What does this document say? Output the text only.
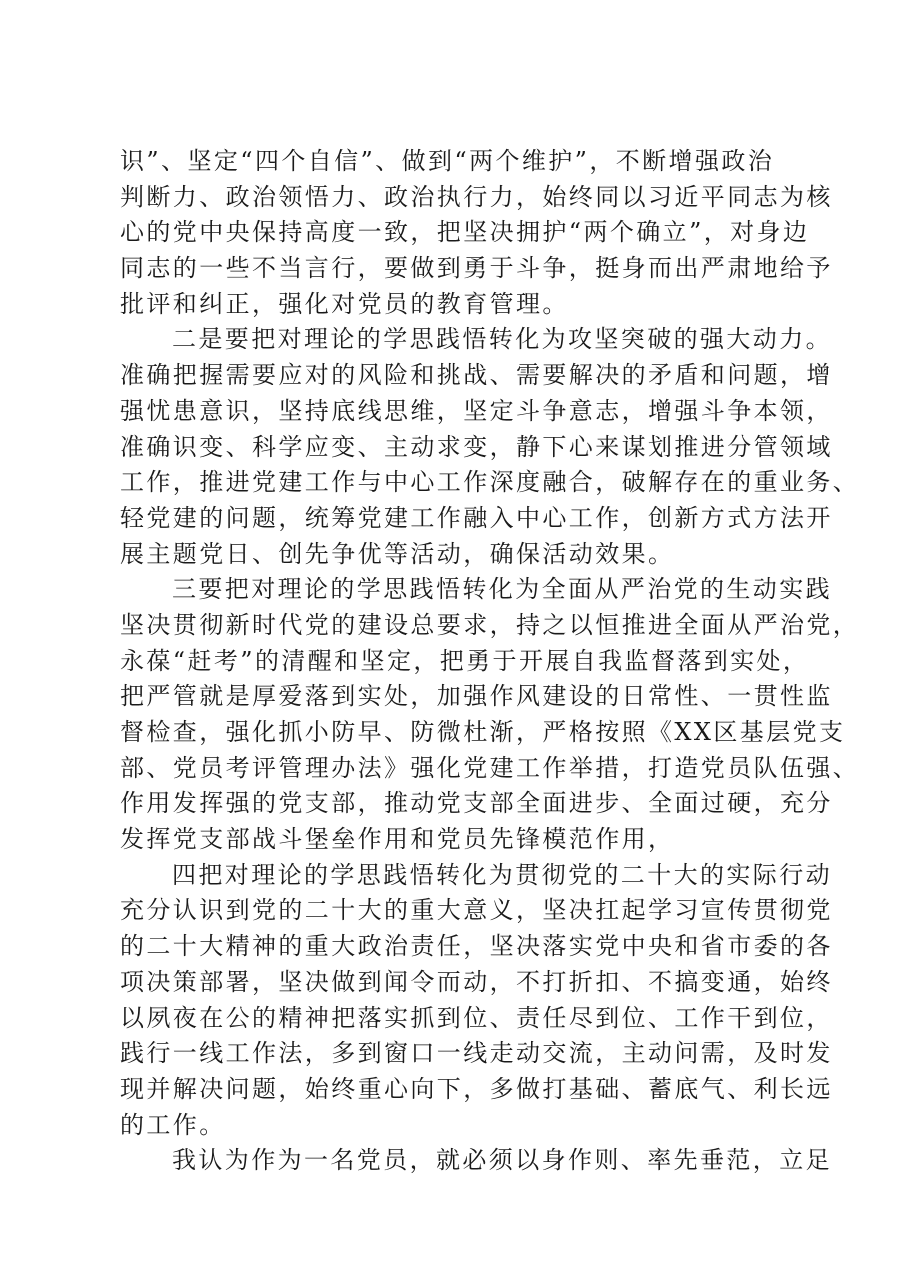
识”、坚定“四个自信”、做到“两个维护”，不断增强政治
判断力、政治领悟力、政治执行力，始终同以习近平同志为核
心的党中央保持高度一致，把坚决拥护“两个确立”，对身边
同志的一些不当言行，要做到勇于斗争，挺身而出严肃地给予
批评和纠正，强化对党员的教育管理。
二是要把对理论的学思践悟转化为攻坚突破的强大动力。
准确把握需要应对的风险和挑战、需要解决的矛盾和问题，增
强忧患意识，坚持底线思维，坚定斗争意志，增强斗争本领，
准确识变、科学应变、主动求变，静下心来谋划推进分管领域
工作，推进党建工作与中心工作深度融合，破解存在的重业务、
轻党建的问题，统筹党建工作融入中心工作，创新方式方法开
展主题党日、创先争优等活动，确保活动效果。
三要把对理论的学思践悟转化为全面从严治党的生动实践
坚决贯彻新时代党的建设总要求，持之以恒推进全面从严治党，
永葆“赶考”的清醒和坚定，把勇于开展自我监督落到实处，
把严管就是厚爱落到实处，加强作风建设的日常性、一贯性监
督检查，强化抓小防早、防微杜渐，严格按照《XX区基层党支
部、党员考评管理办法》强化党建工作举措，打造党员队伍强、
作用发挥强的党支部，推动党支部全面进步、全面过硬，充分
发挥党支部战斗堡垒作用和党员先锋模范作用，
四把对理论的学思践悟转化为贯彻党的二十大的实际行动
充分认识到党的二十大的重大意义，坚决扛起学习宣传贯彻党
的二十大精神的重大政治责任，坚决落实党中央和省市委的各
项决策部署，坚决做到闻令而动，不打折扣、不搞变通，始终
以夙夜在公的精神把落实抓到位、责任尽到位、工作干到位，
践行一线工作法，多到窗口一线走动交流，主动问需，及时发
现并解决问题，始终重心向下，多做打基础、蓄底气、利长远
的工作。
我认为作为一名党员，就必须以身作则、率先垂范，立足
